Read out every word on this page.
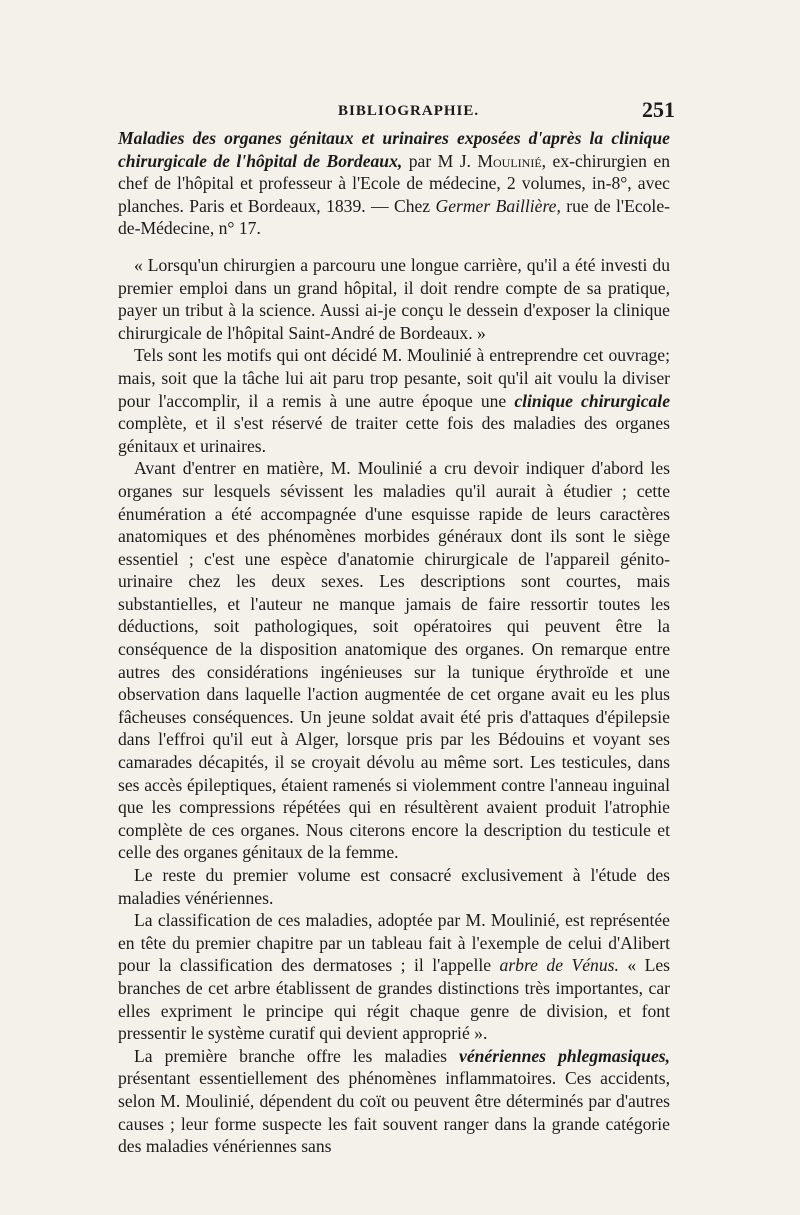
BIBLIOGRAPHIE.	251

Maladies des organes génitaux et urinaires exposées d'après la clinique chirurgicale de l'hôpital de Bordeaux, par M J. Moulinié, ex-chirurgien en chef de l'hôpital et professeur à l'Ecole de médecine, 2 volumes, in-8°, avec planches. Paris et Bordeaux, 1839. — Chez Germer Baillière, rue de l'Ecole-de-Médecine, n° 17.

« Lorsqu'un chirurgien a parcouru une longue carrière, qu'il a été investi du premier emploi dans un grand hôpital, il doit rendre compte de sa pratique, payer un tribut à la science. Aussi ai-je conçu le dessein d'exposer la clinique chirurgicale de l'hôpital Saint-André de Bordeaux. »

Tels sont les motifs qui ont décidé M. Moulinié à entreprendre cet ouvrage; mais, soit que la tâche lui ait paru trop pesante, soit qu'il ait voulu la diviser pour l'accomplir, il a remis à une autre époque une clinique chirurgicale complète, et il s'est réservé de traiter cette fois des maladies des organes génitaux et urinaires.

Avant d'entrer en matière, M. Moulinié a cru devoir indiquer d'abord les organes sur lesquels sévissent les maladies qu'il aurait à étudier ; cette énumération a été accompagnée d'une esquisse rapide de leurs caractères anatomiques et des phénomènes morbides généraux dont ils sont le siège essentiel ; c'est une espèce d'anatomie chirurgicale de l'appareil génito-urinaire chez les deux sexes. Les descriptions sont courtes, mais substantielles, et l'auteur ne manque jamais de faire ressortir toutes les déductions, soit pathologiques, soit opératoires qui peuvent être la conséquence de la disposition anatomique des organes. On remarque entre autres des considérations ingénieuses sur la tunique érythroïde et une observation dans laquelle l'action augmentée de cet organe avait eu les plus fâcheuses conséquences. Un jeune soldat avait été pris d'attaques d'épilepsie dans l'effroi qu'il eut à Alger, lorsque pris par les Bédouins et voyant ses camarades décapités, il se croyait dévolu au même sort. Les testicules, dans ses accès épileptiques, étaient ramenés si violemment contre l'anneau inguinal que les compressions répétées qui en résultèrent avaient produit l'atrophie complète de ces organes. Nous citerons encore la description du testicule et celle des organes génitaux de la femme.

Le reste du premier volume est consacré exclusivement à l'étude des maladies vénériennes.

La classification de ces maladies, adoptée par M. Moulinié, est représentée en tête du premier chapitre par un tableau fait à l'exemple de celui d'Alibert pour la classification des dermatoses ; il l'appelle arbre de Vénus. « Les branches de cet arbre établissent de grandes distinctions très importantes, car elles expriment le principe qui régit chaque genre de division, et font pressentir le système curatif qui devient approprié ».

La première branche offre les maladies vénériennes phlegmasiques, présentant essentiellement des phénomènes inflammatoires. Ces accidents, selon M. Moulinié, dépendent du coït ou peuvent être déterminés par d'autres causes ; leur forme suspecte les fait souvent ranger dans la grande catégorie des maladies vénériennes sans
